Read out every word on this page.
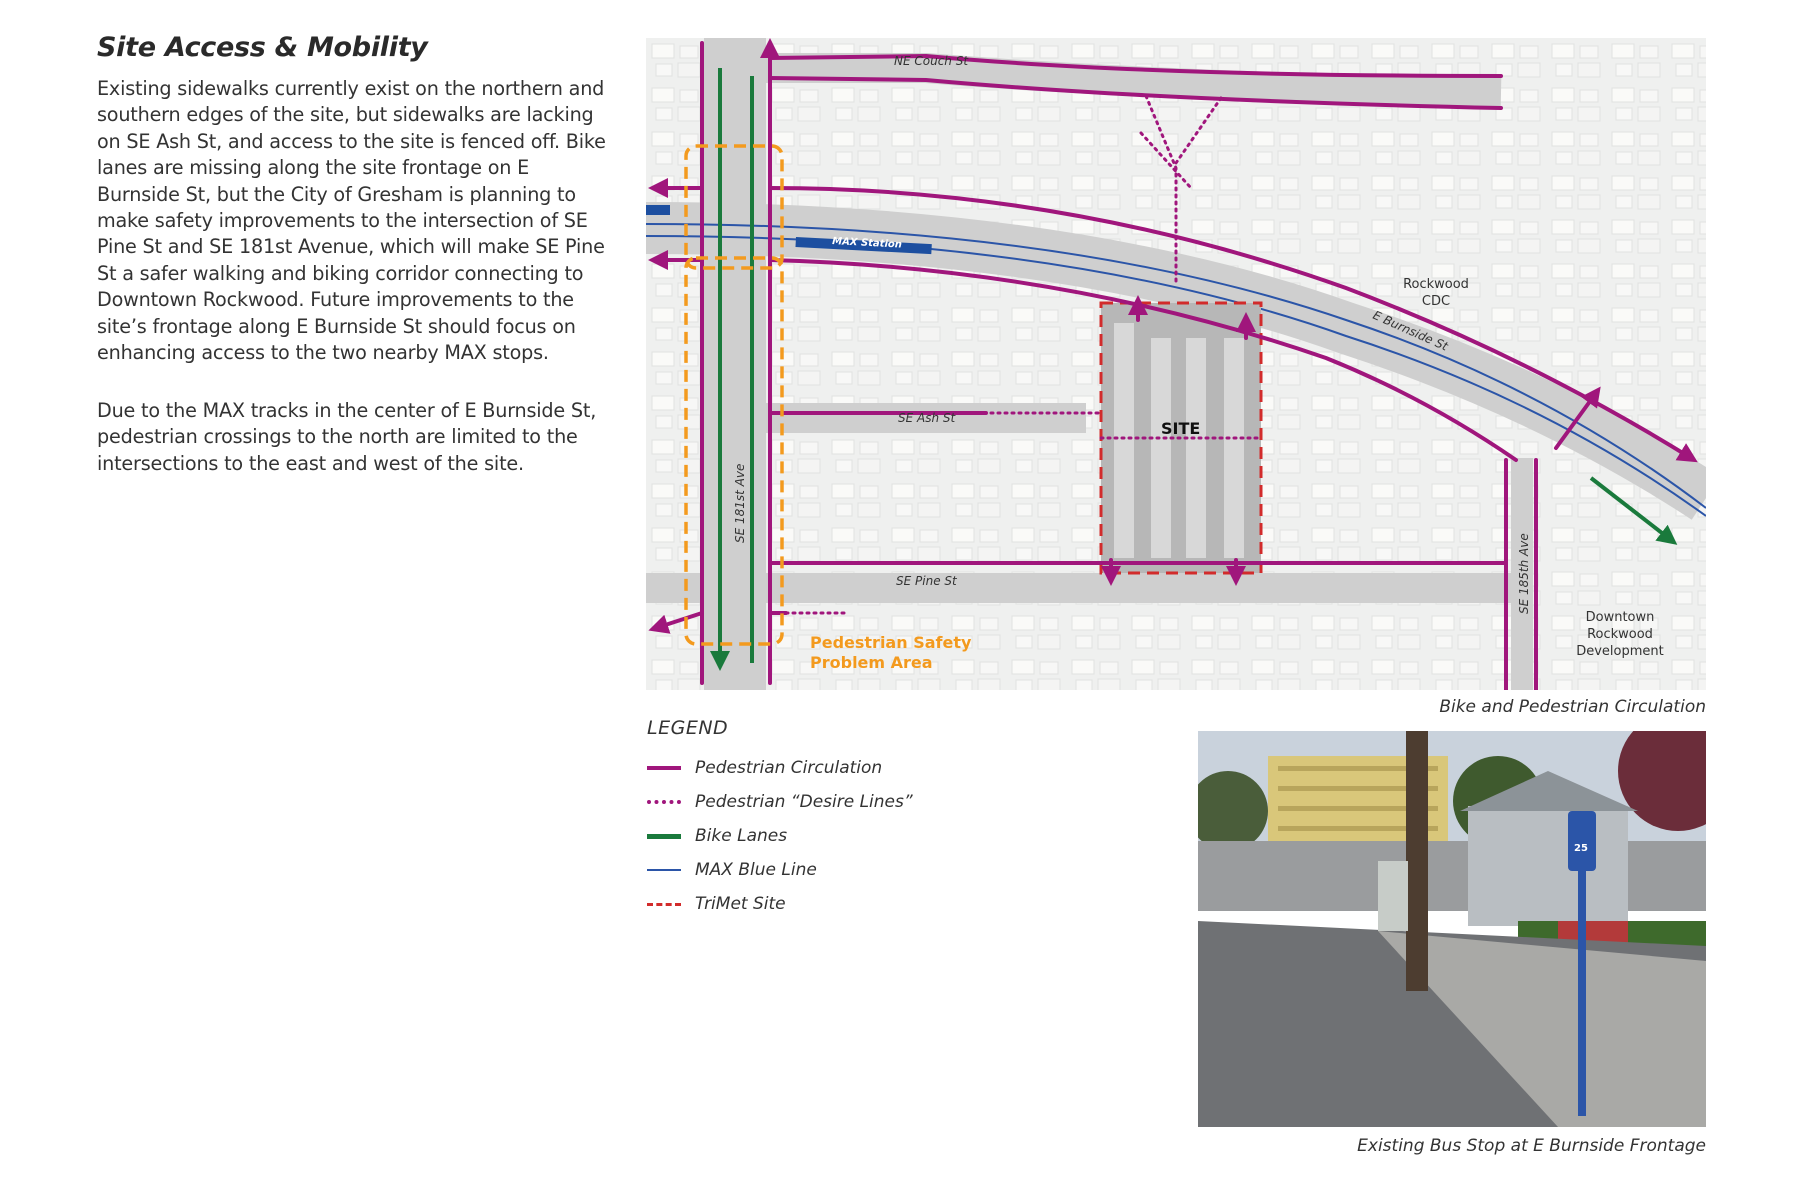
Site Access & Mobility

Existing sidewalks currently exist on the northern and southern edges of the site, but sidewalks are lacking on SE Ash St, and access to the site is fenced off. Bike lanes are missing along the site frontage on E Burnside St, but the City of Gresham is planning to make safety improvements to the intersection of SE Pine St and SE 181st Avenue, which will make SE Pine St a safer walking and biking corridor connecting to Downtown Rockwood. Future improvements to the site’s frontage along E Burnside St should focus on enhancing access to the two nearby MAX stops.

Due to the MAX tracks in the center of E Burnside St, pedestrian crossings to the north are limited to the intersections to the east and west of the site.

MAX Station
SITE
NE Couch St
SE Ash St
SE Pine St
SE 181st Ave
SE 185th Ave
E Burnside St
Rockwood
CDC
Downtown
Rockwood
Development
Pedestrian Safety
Problem Area
Bike and Pedestrian Circulation
LEGEND
Pedestrian Circulation
Pedestrian “Desire Lines”
Bike Lanes
MAX Blue Line
TriMet Site
25
Existing Bus Stop at E Burnside Frontage
